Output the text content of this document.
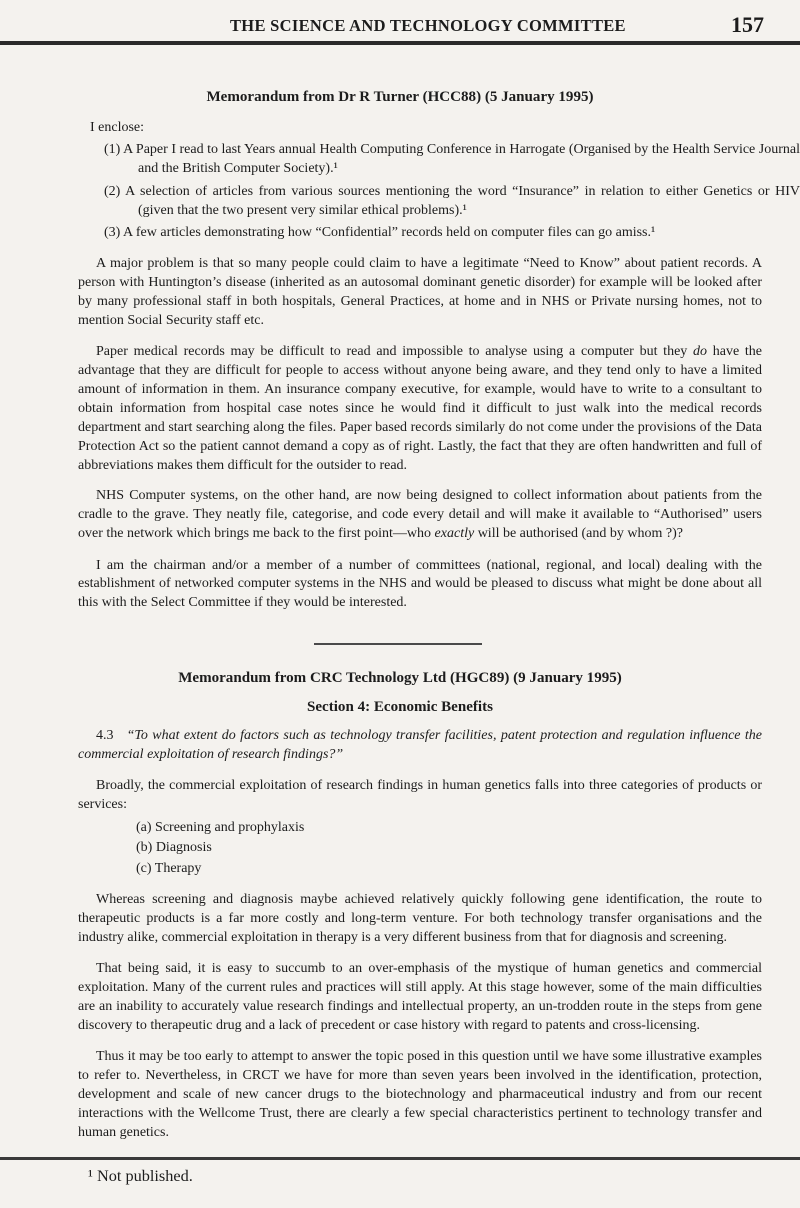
THE SCIENCE AND TECHNOLOGY COMMITTEE	157
Memorandum from Dr R Turner (HCC88) (5 January 1995)
I enclose:
(1) A Paper I read to last Years annual Health Computing Conference in Harrogate (Organised by the Health Service Journal and the British Computer Society).¹
(2) A selection of articles from various sources mentioning the word “Insurance” in relation to either Genetics or HIV (given that the two present very similar ethical problems).¹
(3) A few articles demonstrating how “Confidential” records held on computer files can go amiss.¹
A major problem is that so many people could claim to have a legitimate “Need to Know” about patient records. A person with Huntington’s disease (inherited as an autosomal dominant genetic disorder) for example will be looked after by many professional staff in both hospitals, General Practices, at home and in NHS or Private nursing homes, not to mention Social Security staff etc.
Paper medical records may be difficult to read and impossible to analyse using a computer but they do have the advantage that they are difficult for people to access without anyone being aware, and they tend only to have a limited amount of information in them. An insurance company executive, for example, would have to write to a consultant to obtain information from hospital case notes since he would find it difficult to just walk into the medical records department and start searching along the files. Paper based records similarly do not come under the provisions of the Data Protection Act so the patient cannot demand a copy as of right. Lastly, the fact that they are often handwritten and full of abbreviations makes them difficult for the outsider to read.
NHS Computer systems, on the other hand, are now being designed to collect information about patients from the cradle to the grave. They neatly file, categorise, and code every detail and will make it available to “Authorised” users over the network which brings me back to the first point—who exactly will be authorised (and by whom ?)?
I am the chairman and/or a member of a number of committees (national, regional, and local) dealing with the establishment of networked computer systems in the NHS and would be pleased to discuss what might be done about all this with the Select Committee if they would be interested.
Memorandum from CRC Technology Ltd (HGC89) (9 January 1995)
Section 4: Economic Benefits
4.3 “To what extent do factors such as technology transfer facilities, patent protection and regulation influence the commercial exploitation of research findings?”
Broadly, the commercial exploitation of research findings in human genetics falls into three categories of products or services:
(a) Screening and prophylaxis
(b) Diagnosis
(c) Therapy
Whereas screening and diagnosis maybe achieved relatively quickly following gene identification, the route to therapeutic products is a far more costly and long-term venture. For both technology transfer organisations and the industry alike, commercial exploitation in therapy is a very different business from that for diagnosis and screening.
That being said, it is easy to succumb to an over-emphasis of the mystique of human genetics and commercial exploitation. Many of the current rules and practices will still apply. At this stage however, some of the main difficulties are an inability to accurately value research findings and intellectual property, an un-trodden route in the steps from gene discovery to therapeutic drug and a lack of precedent or case history with regard to patents and cross-licensing.
Thus it may be too early to attempt to answer the topic posed in this question until we have some illustrative examples to refer to. Nevertheless, in CRCT we have for more than seven years been involved in the identification, protection, development and scale of new cancer drugs to the biotechnology and pharmaceutical industry and from our recent interactions with the Wellcome Trust, there are clearly a few special characteristics pertinent to technology transfer and human genetics.
¹ Not published.
